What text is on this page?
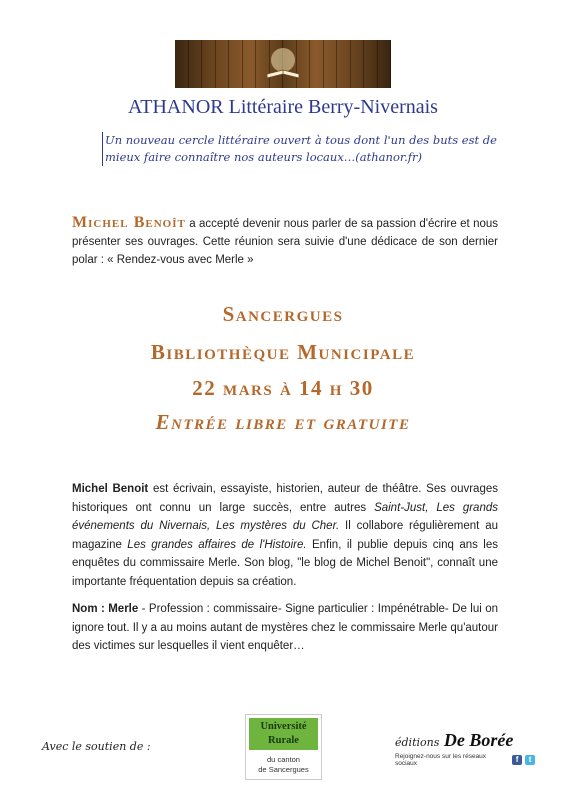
ATHANOR Littéraire Berry-Nivernais
Un nouveau cercle littéraire ouvert à tous dont l'un des buts est de mieux faire connaître nos auteurs locaux…(athanor.fr)
Michel Benoît a accepté devenir nous parler de sa passion d'écrire et nous présenter ses ouvrages. Cette réunion sera suivie d'une dédicace de son dernier polar : « Rendez-vous avec Merle »
Sancergues
Bibliothèque Municipale
22 mars à 14 h 30
Entrée libre et gratuite
Michel Benoit est écrivain, essayiste, historien, auteur de théâtre. Ses ouvrages historiques ont connu un large succès, entre autres Saint-Just, Les grands événements du Nivernais, Les mystères du Cher. Il collabore régulièrement au magazine Les grandes affaires de l'Histoire. Enfin, il publie depuis cinq ans les enquêtes du commissaire Merle. Son blog, "le blog de Michel Benoit", connaît une importante fréquentation depuis sa création.
Nom : Merle - Profession : commissaire- Signe particulier : Impénétrable- De lui on ignore tout. Il y a au moins autant de mystères chez le commissaire Merle qu'autour des victimes sur lesquelles il vient enquêter…
Avec le soutien de :
Université Rurale
du canton
de Sancergues
éditions De Borée
Rejoignez-nous sur les réseaux sociaux	f	t
